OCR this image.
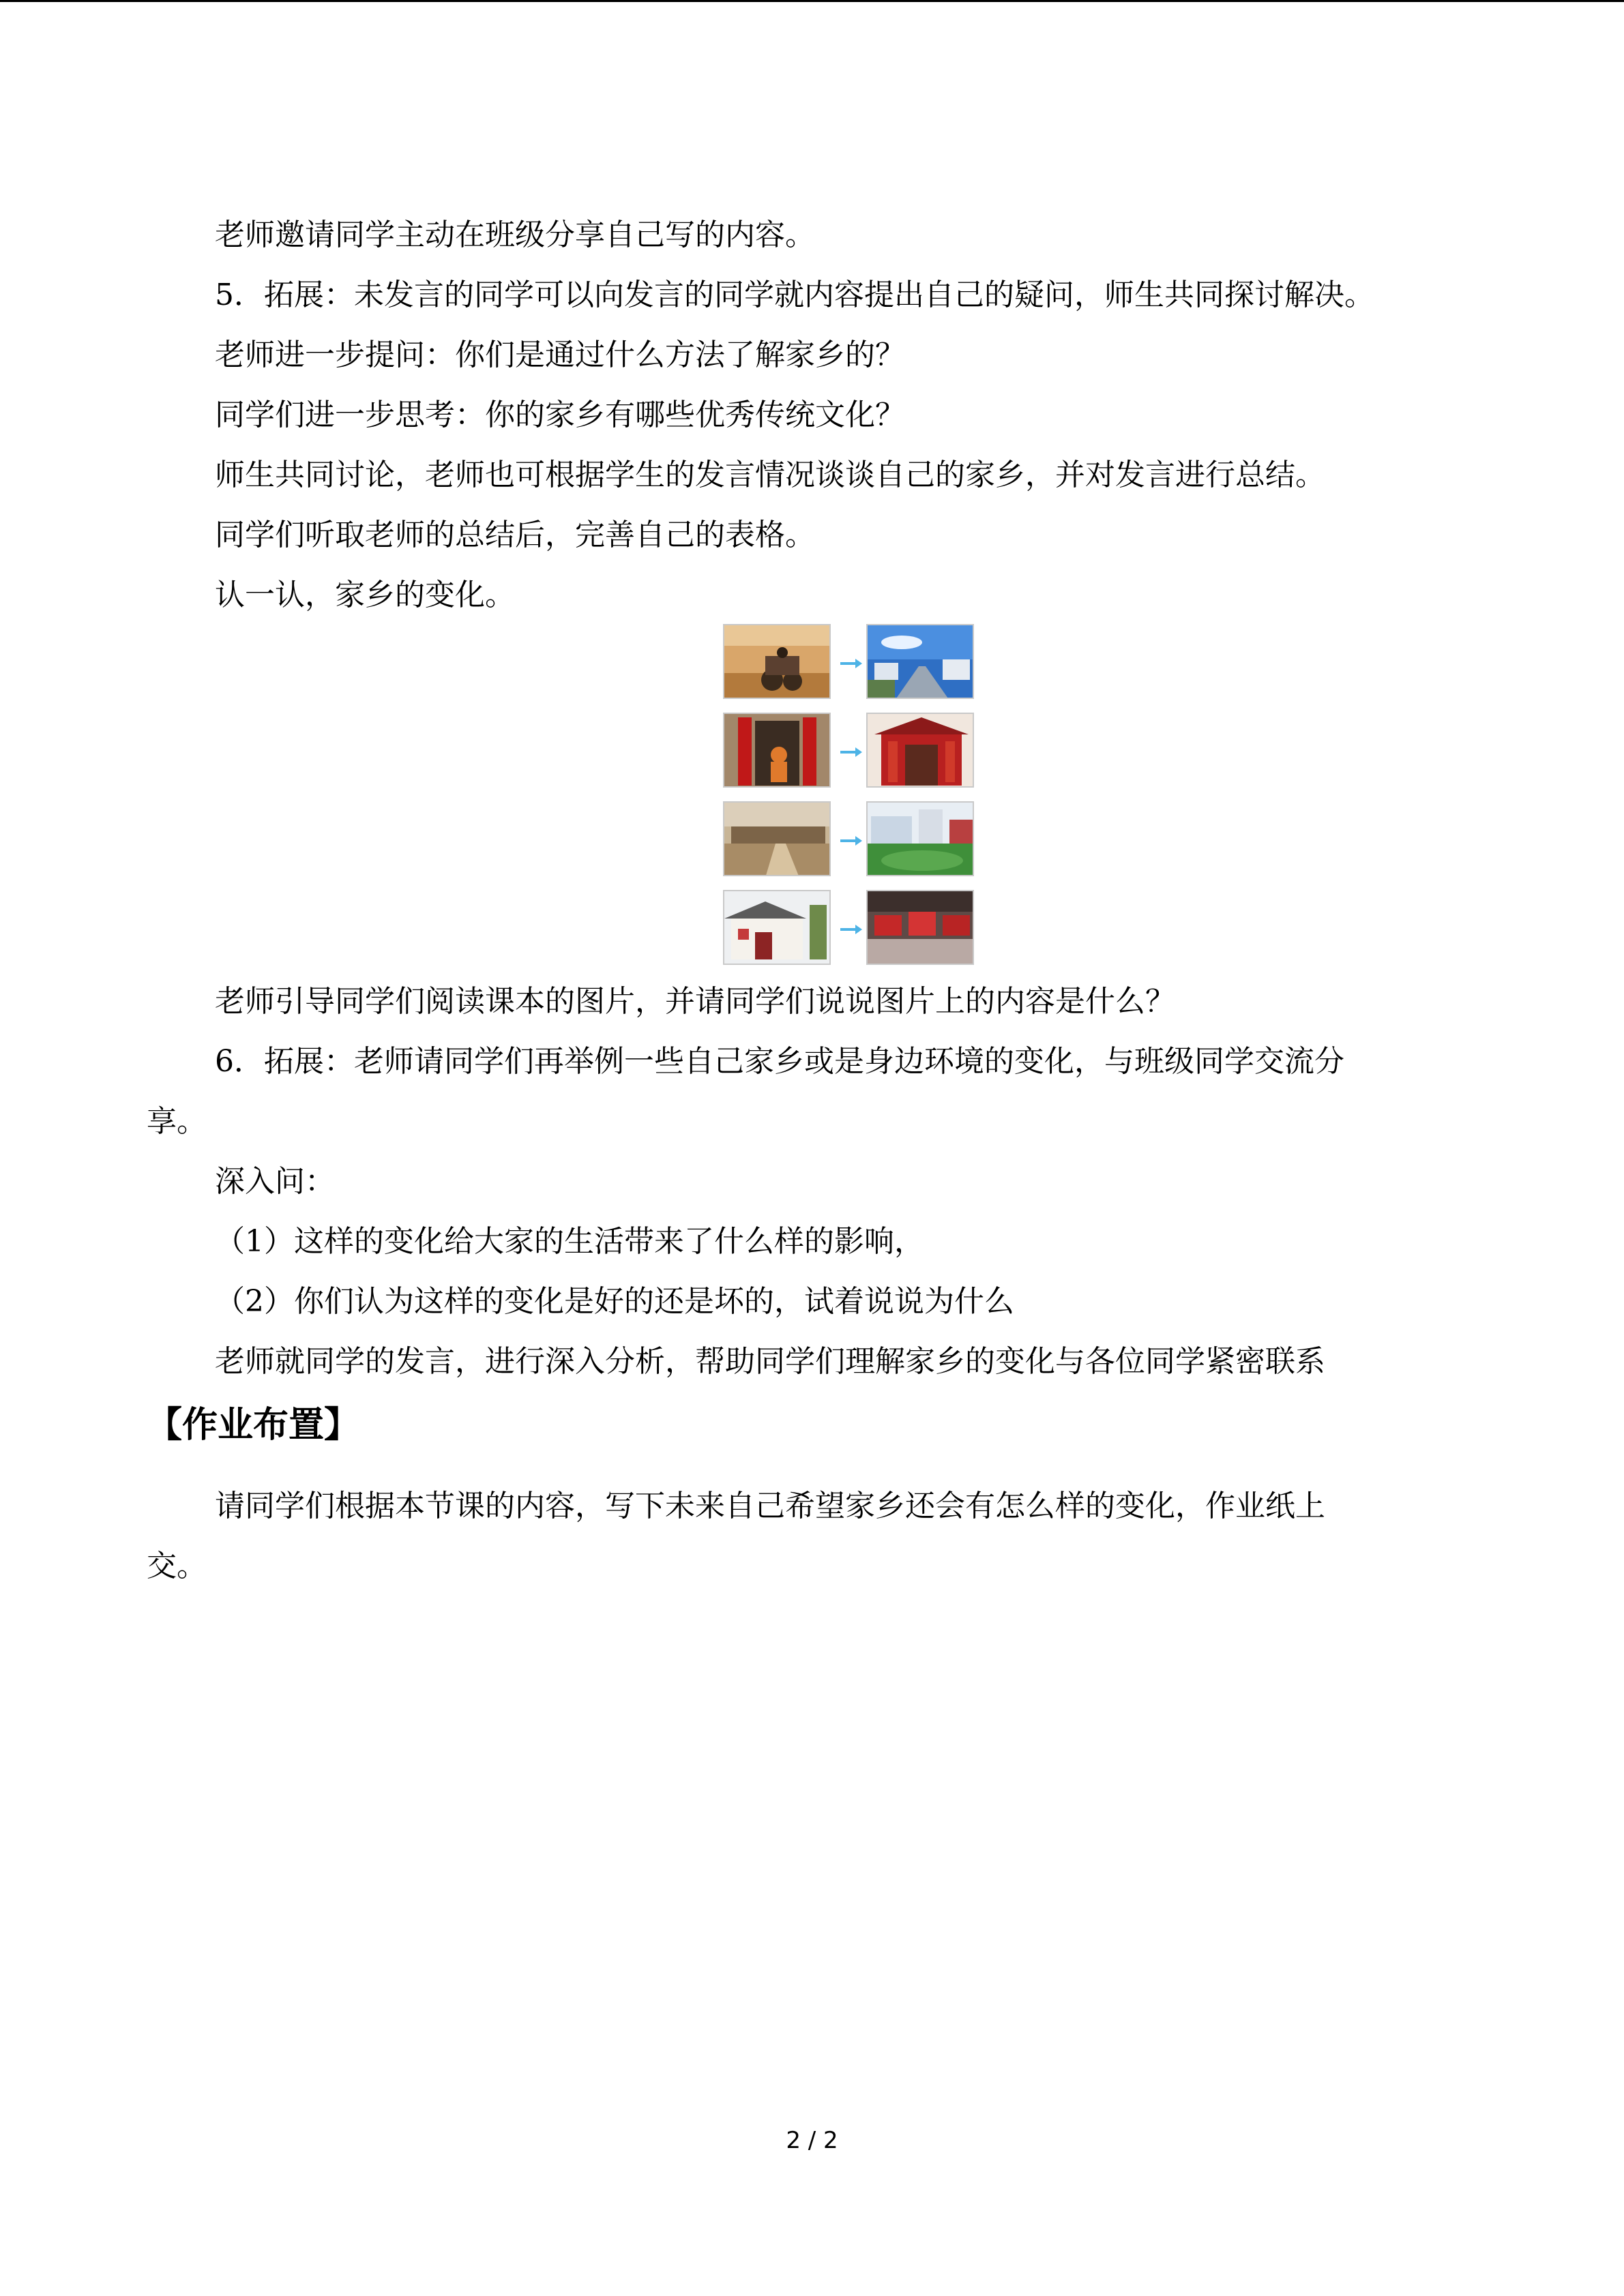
老师邀请同学主动在班级分享自己写的内容。

5．拓展：未发言的同学可以向发言的同学就内容提出自己的疑问，师生共同探讨解决。

老师进一步提问：你们是通过什么方法了解家乡的？

同学们进一步思考：你的家乡有哪些优秀传统文化？

师生共同讨论，老师也可根据学生的发言情况谈谈自己的家乡，并对发言进行总结。

同学们听取老师的总结后，完善自己的表格。

认一认，家乡的变化。

老师引导同学们阅读课本的图片，并请同学们说说图片上的内容是什么？

6．拓展：老师请同学们再举例一些自己家乡或是身边环境的变化，与班级同学交流分

享。

深入问：

（1）这样的变化给大家的生活带来了什么样的影响，

（2）你们认为这样的变化是好的还是坏的，试着说说为什么

老师就同学的发言，进行深入分析，帮助同学们理解家乡的变化与各位同学紧密联系

【作业布置】

请同学们根据本节课的内容，写下未来自己希望家乡还会有怎么样的变化，作业纸上

交。

2 / 2
